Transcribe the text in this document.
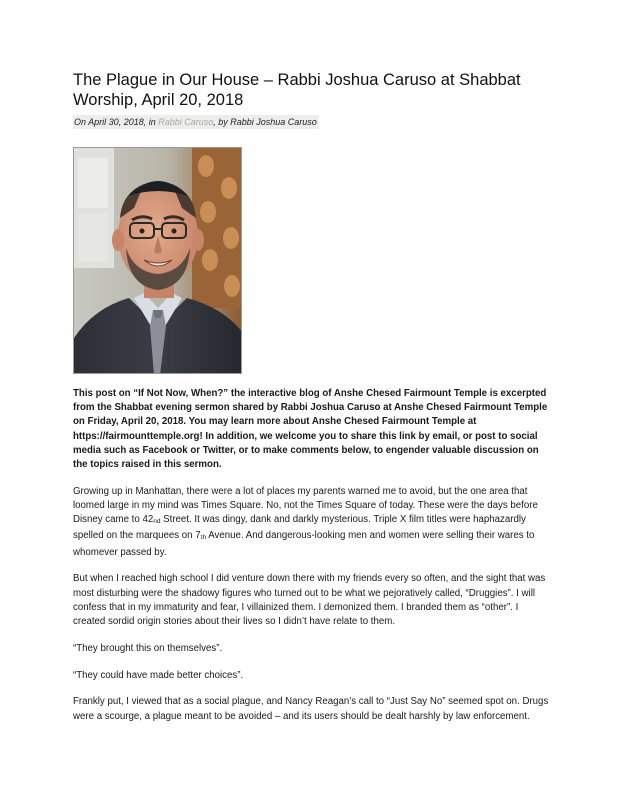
The Plague in Our House – Rabbi Joshua Caruso at Shabbat Worship, April 20, 2018
On April 30, 2018, in Rabbi Caruso, by Rabbi Joshua Caruso

This post on “If Not Now, When?” the interactive blog of Anshe Chesed Fairmount Temple is excerpted from the Shabbat evening sermon shared by Rabbi Joshua Caruso at Anshe Chesed Fairmount Temple on Friday, April 20, 2018. You may learn more about Anshe Chesed Fairmount Temple at https://fairmounttemple.org! In addition, we welcome you to share this link by email, or post to social media such as Facebook or Twitter, or to make comments below, to engender valuable discussion on the topics raised in this sermon.

Growing up in Manhattan, there were a lot of places my parents warned me to avoid, but the one area that loomed large in my mind was Times Square. No, not the Times Square of today. These were the days before Disney came to $42_{nd}$ Street. It was dingy, dank and darkly mysterious. Triple X film titles were haphazardly spelled on the marquees on $7_{th}$ Avenue. And dangerous-looking men and women were selling their wares to whomever passed by.

But when I reached high school I did venture down there with my friends every so often, and the sight that was most disturbing were the shadowy figures who turned out to be what we pejoratively called, “Druggies”. I will confess that in my immaturity and fear, I villainized them. I demonized them. I branded them as “other”. I created sordid origin stories about their lives so I didn’t have relate to them.

“They brought this on themselves”.

“They could have made better choices”.

Frankly put, I viewed that as a social plague, and Nancy Reagan’s call to “Just Say No” seemed spot on. Drugs were a scourge, a plague meant to be avoided – and its users should be dealt harshly by law enforcement.
